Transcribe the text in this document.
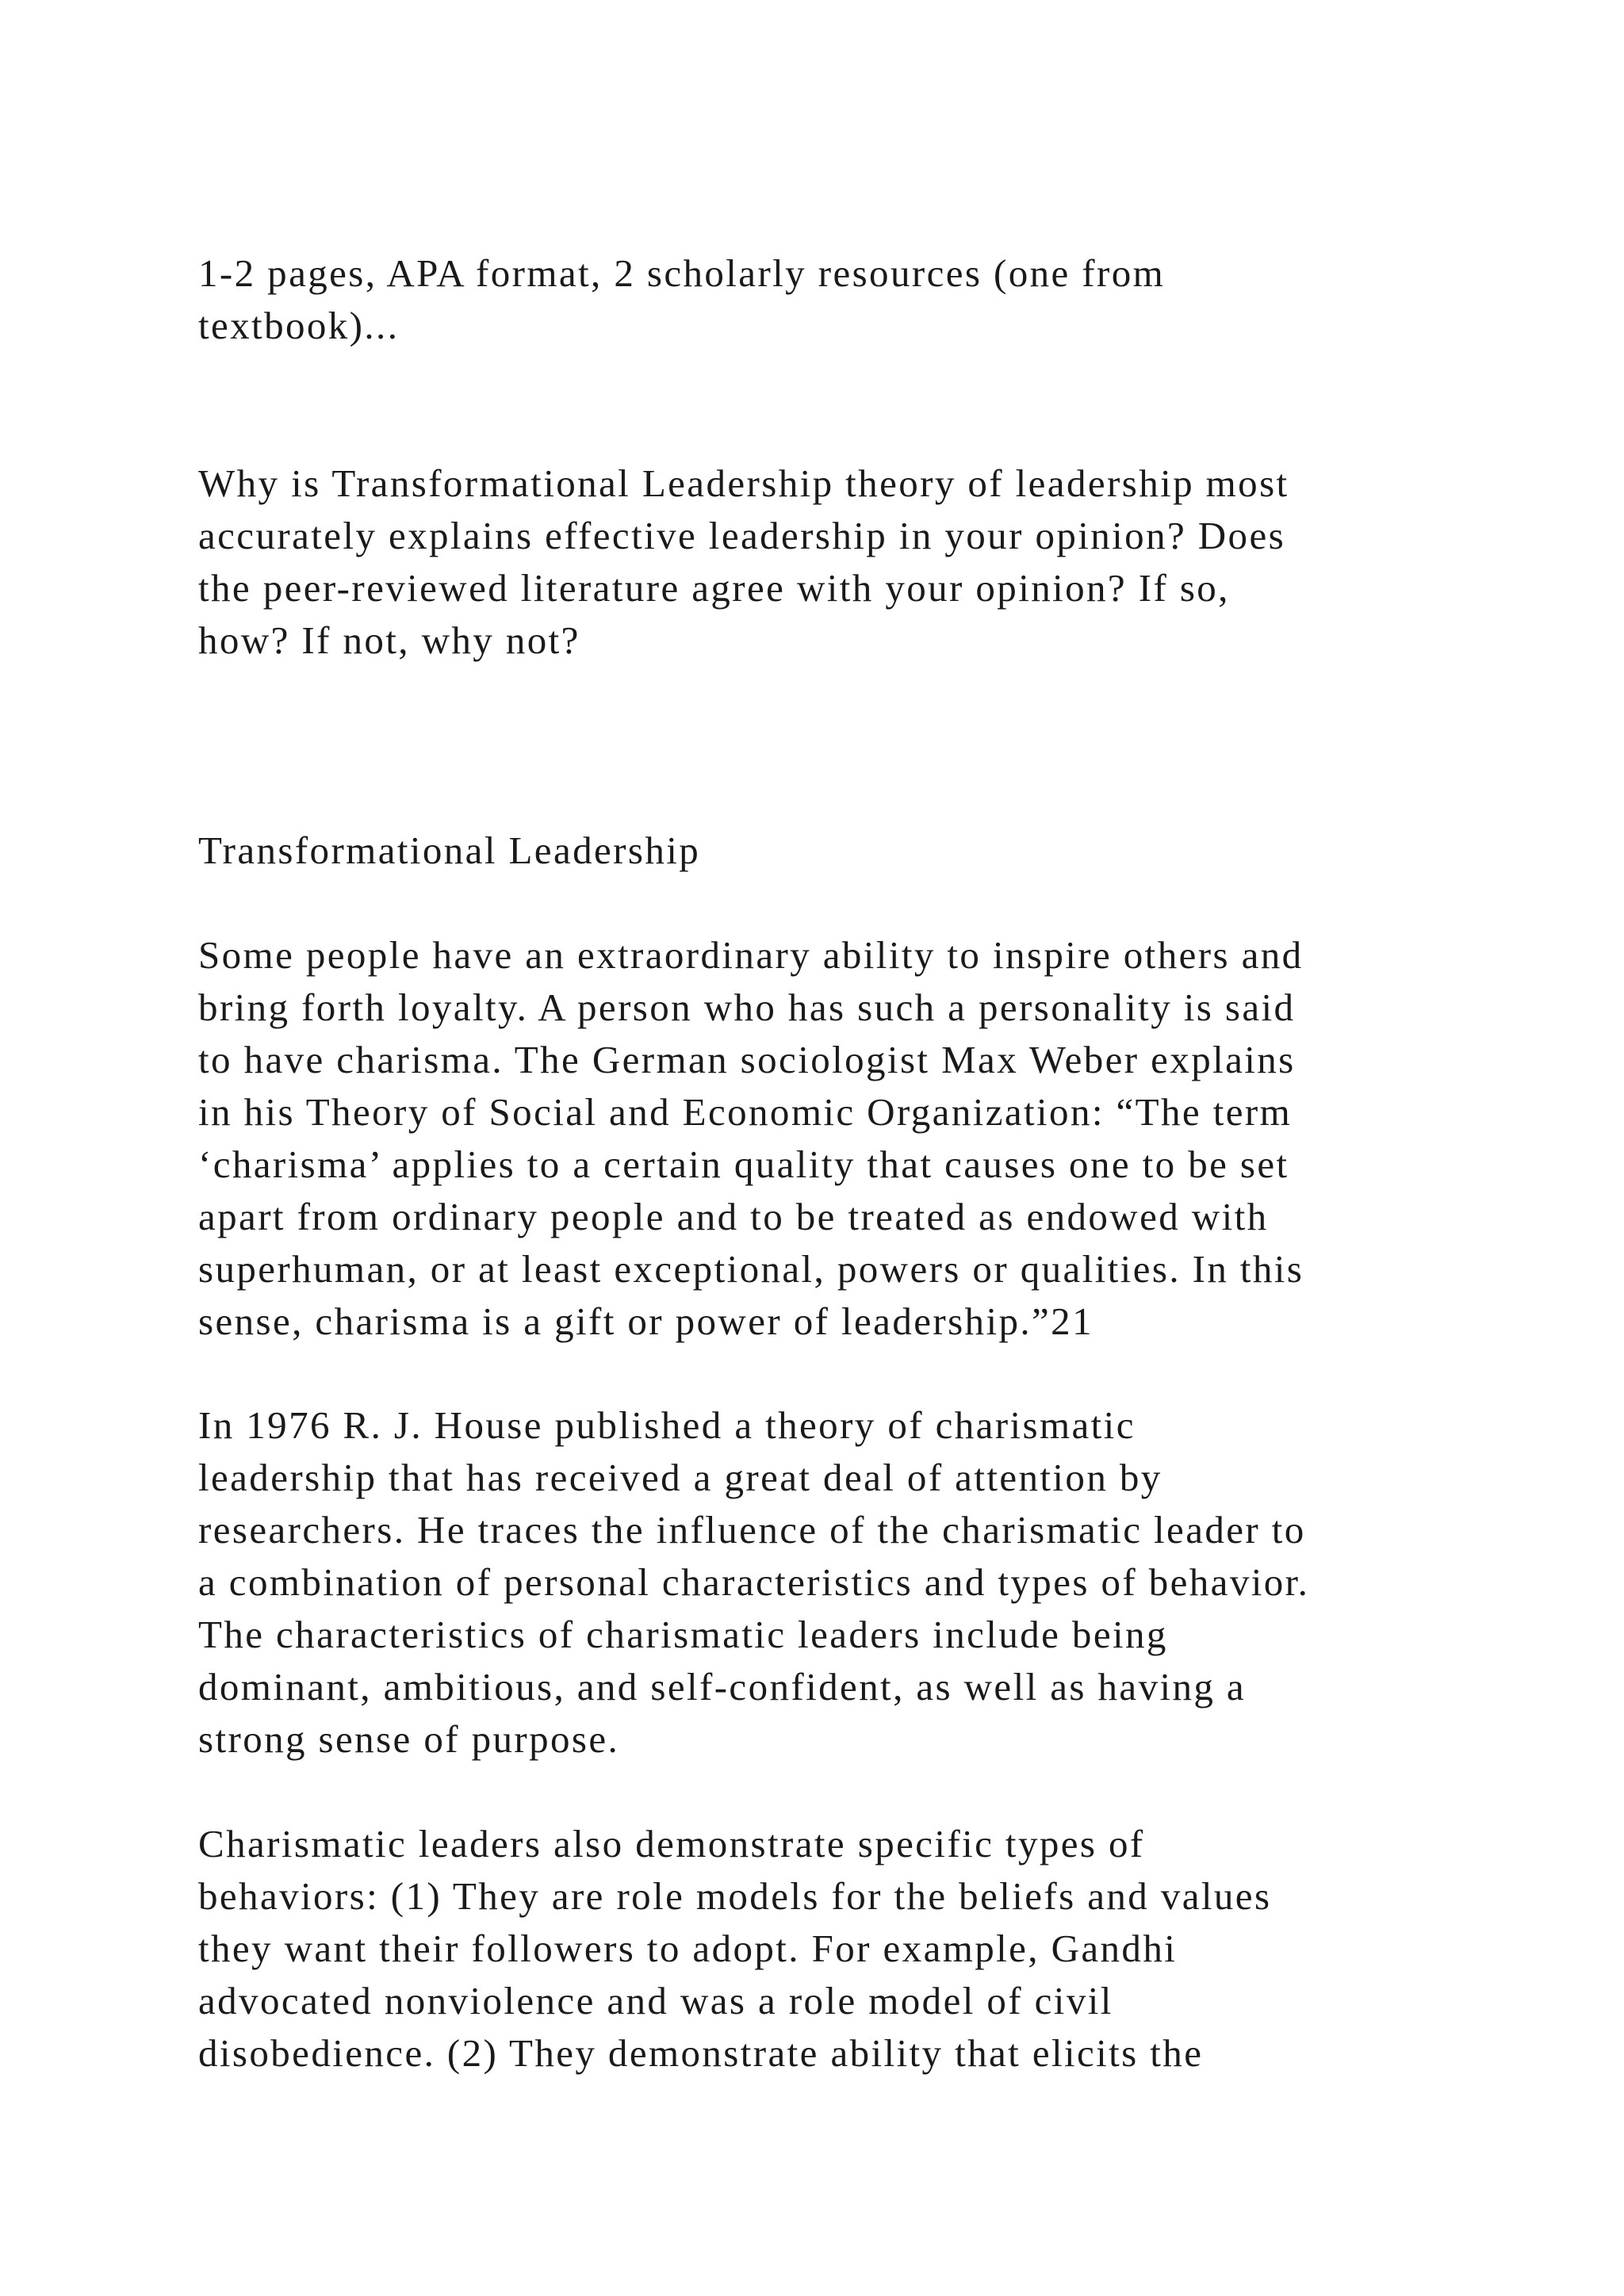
1-2 pages, APA format, 2 scholarly resources (one from
textbook)...

Why is Transformational Leadership theory of leadership most
accurately explains effective leadership in your opinion? Does
the peer-reviewed literature agree with your opinion? If so,
how? If not, why not?

Transformational Leadership

Some people have an extraordinary ability to inspire others and
bring forth loyalty. A person who has such a personality is said
to have charisma. The German sociologist Max Weber explains
in his Theory of Social and Economic Organization: “The term
‘charisma’ applies to a certain quality that causes one to be set
apart from ordinary people and to be treated as endowed with
superhuman, or at least exceptional, powers or qualities. In this
sense, charisma is a gift or power of leadership.”21

In 1976 R. J. House published a theory of charismatic
leadership that has received a great deal of attention by
researchers. He traces the influence of the charismatic leader to
a combination of personal characteristics and types of behavior.
The characteristics of charismatic leaders include being
dominant, ambitious, and self-confident, as well as having a
strong sense of purpose.

Charismatic leaders also demonstrate specific types of
behaviors: (1) They are role models for the beliefs and values
they want their followers to adopt. For example, Gandhi
advocated nonviolence and was a role model of civil
disobedience. (2) They demonstrate ability that elicits the
